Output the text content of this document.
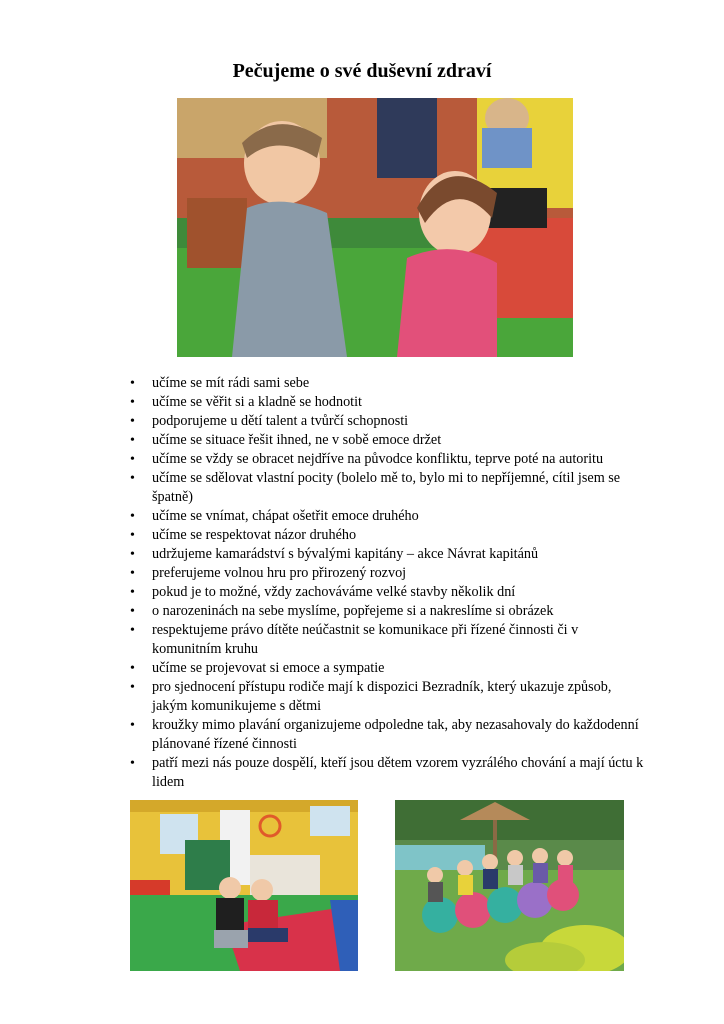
Pečujeme o své duševní zdraví
• učíme se mít rádi sami sebe
• učíme se věřit si a kladně se hodnotit
• podporujeme u dětí talent a tvůrčí schopnosti
• učíme se situace řešit ihned, ne v sobě emoce držet
• učíme se vždy se obracet nejdříve na původce konfliktu, teprve poté na autoritu
• učíme se sdělovat vlastní pocity (bolelo mě to, bylo mi to nepříjemné, cítil jsem se špatně)
• učíme se vnímat, chápat ošetřit emoce druhého
• učíme se respektovat názor druhého
• udržujeme kamarádství s bývalými kapitány – akce Návrat kapitánů
• preferujeme volnou hru pro přirozený rozvoj
• pokud je to možné, vždy zachováváme velké stavby několik dní
• o narozeninách na sebe myslíme, popřejeme si a nakreslíme si obrázek
• respektujeme právo dítěte neúčastnit se komunikace při řízené činnosti či v komunitním kruhu
• učíme se projevovat si emoce a sympatie
• pro sjednocení přístupu rodiče mají k dispozici Bezradník, který ukazuje způsob, jakým komunikujeme s dětmi
• kroužky mimo plavání organizujeme odpoledne tak, aby nezasahovaly do každodenní plánované řízené činnosti
• patří mezi nás pouze dospělí, kteří jsou dětem vzorem vyzrálého chování a mají úctu k lidem
